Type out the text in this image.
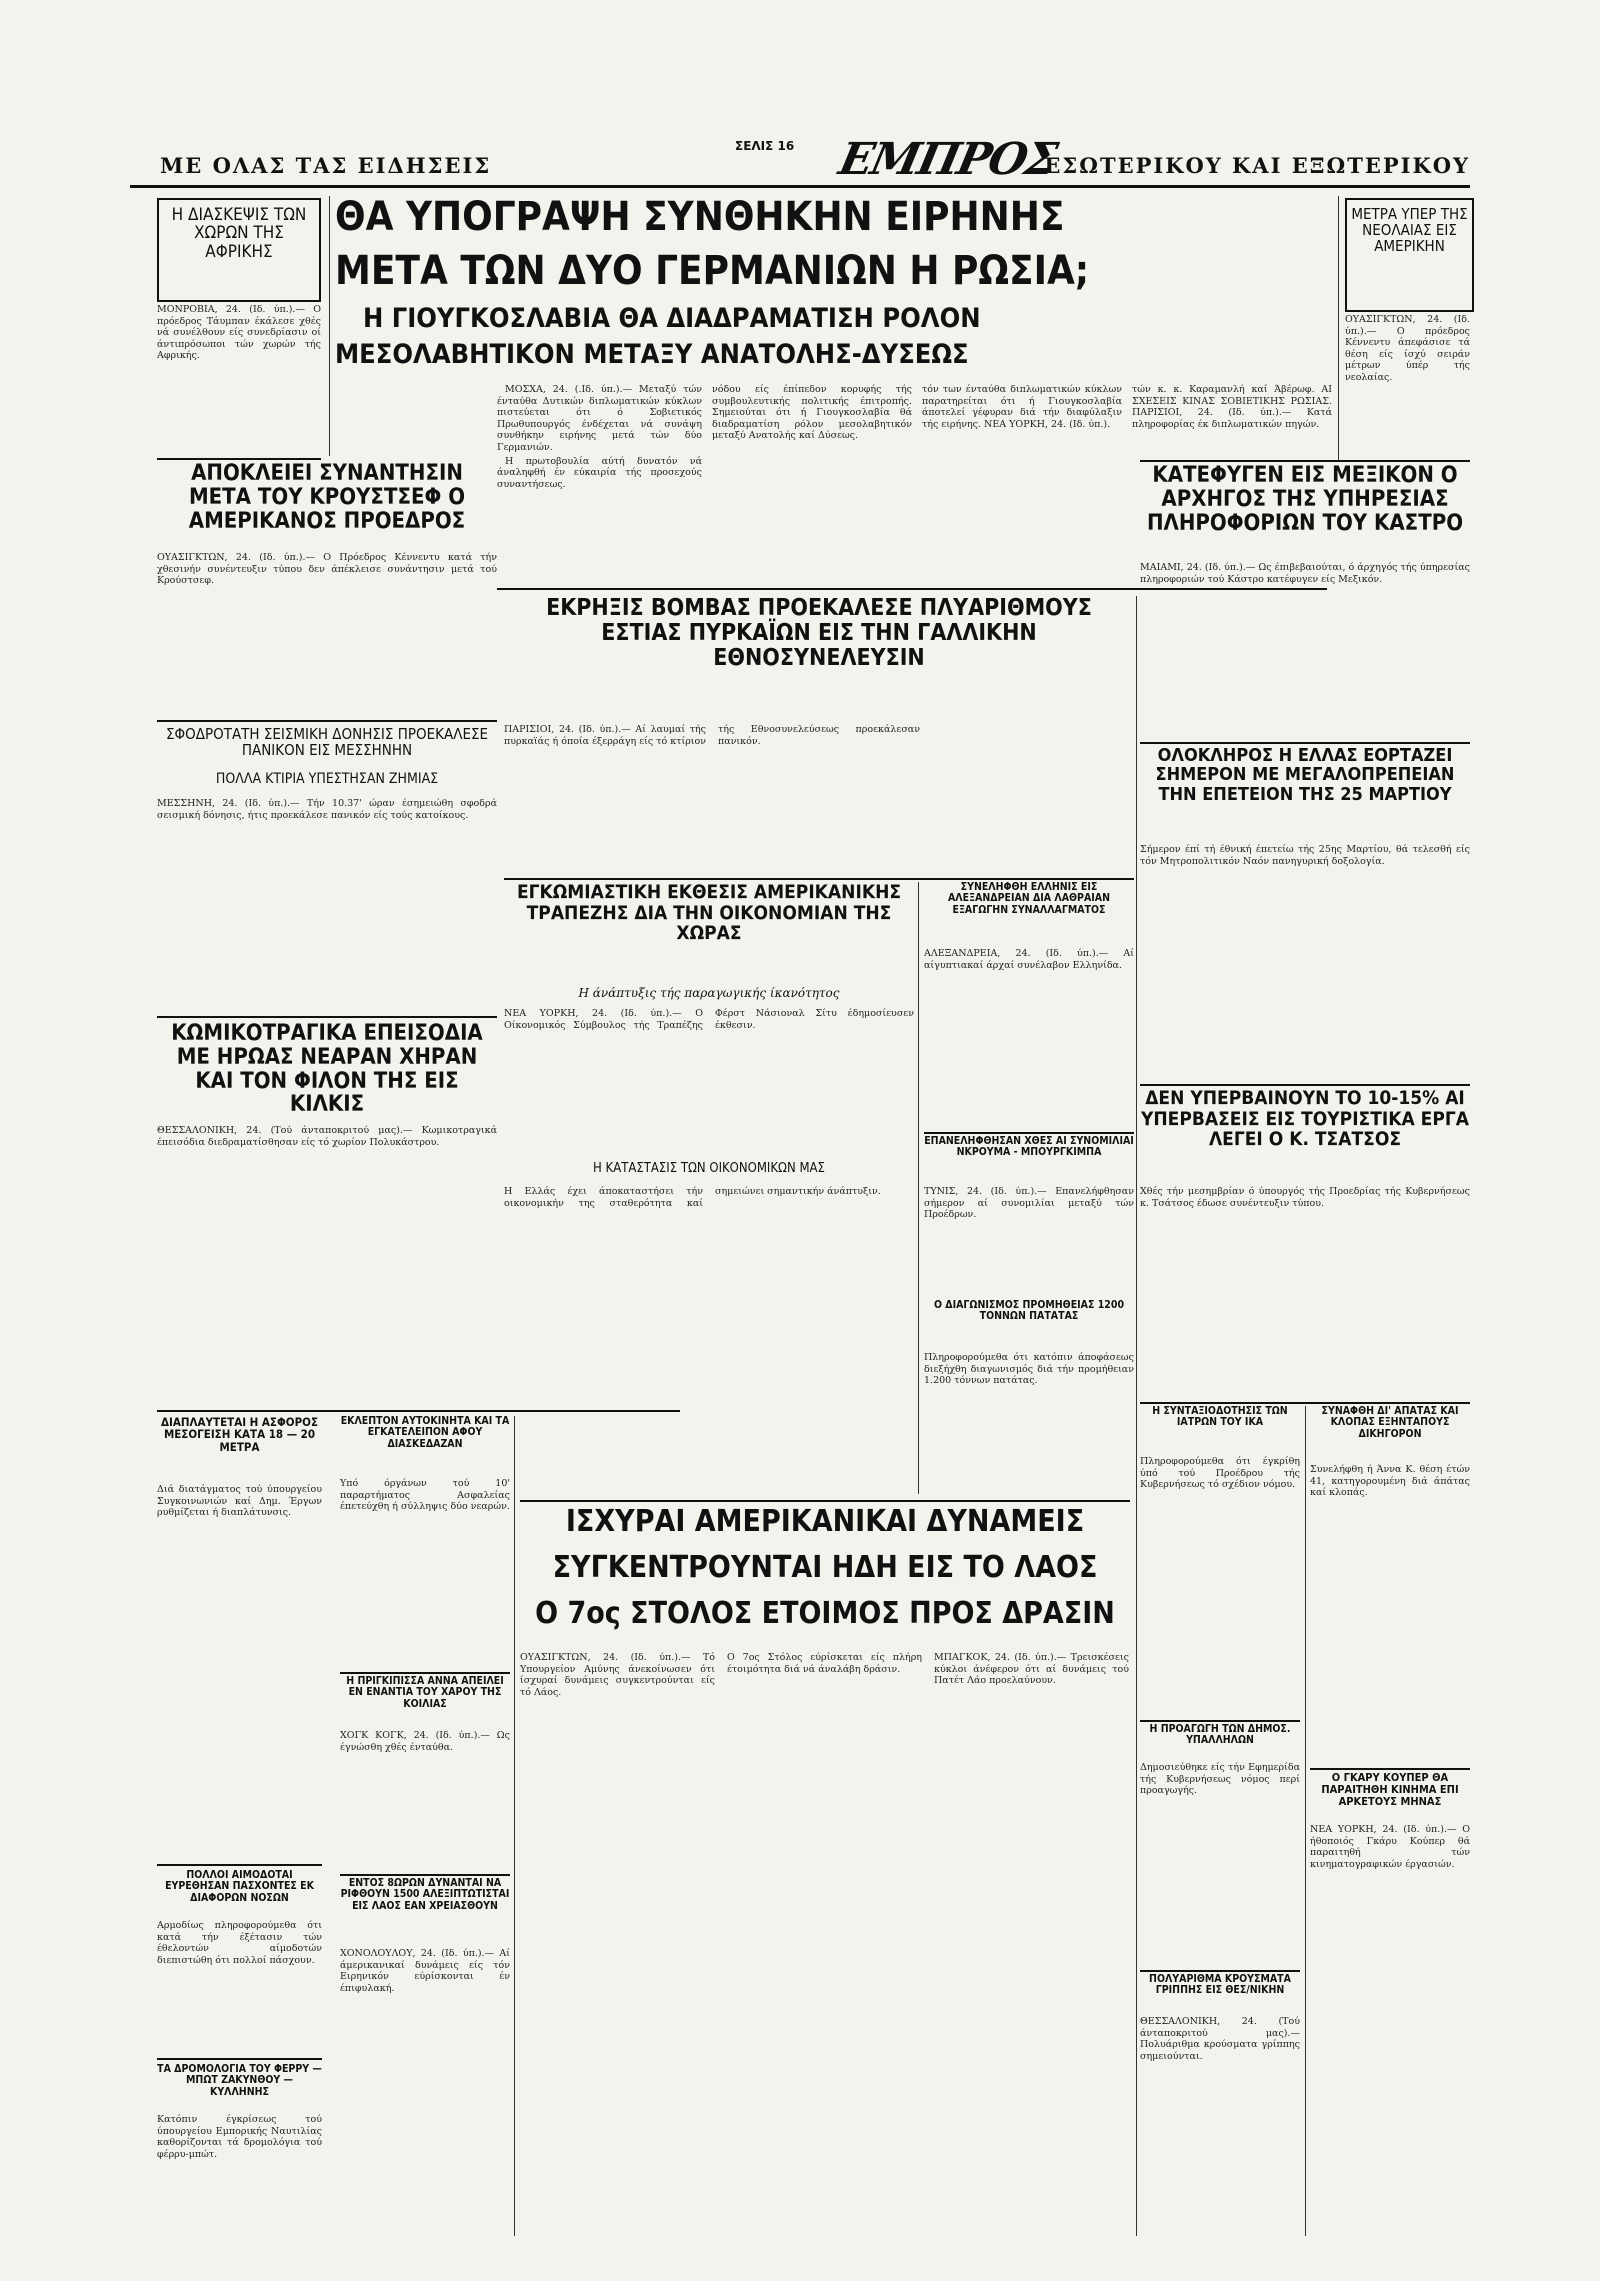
ΜΕ ΟΛΑΣ ΤΑΣ ΕΙΔΗΣΕΙΣ
ΣΕΛΙΣ 16 ΕΜΠΡΟΣ
ΕΣΩΤΕΡΙΚΟΥ ΚΑΙ ΕΞΩΤΕΡΙΚΟΥ
Η ΔΙΑΣΚΕΨΙΣ ΤΩΝ ΧΩΡΩΝ ΤΗΣ ΑΦΡΙΚΗΣ
ΜΟΝΡΟΒΙΑ, 24. (Ιδ. ύπ.).— Ο πρόεδρος Τάυμπαν έκάλεσε χθές νά συνέλθουν είς συνεδρίασιν οί άντιπρόσωποι τών χωρών τής Αφρικής.
ΑΠΟΚΛΕΙΕΙ ΣΥΝΑΝΤΗΣΙΝ ΜΕΤΑ ΤΟΥ ΚΡΟΥΣΤΣΕΦ Ο ΑΜΕΡΙΚΑΝΟΣ ΠΡΟΕΔΡΟΣ
ΟΥΑΣΙΓΚΤΩΝ, 24. (Ιδ. ύπ.).— Ο Πρόεδρος Κέννεντυ κατά τήν χθεσινήν συνέντευξιν τύπου δεν άπέκλεισε συνάντησιν μετά τού Κρούστσεφ.
ΣΦΟΔΡΟΤΑΤΗ ΣΕΙΣΜΙΚΗ ΔΟΝΗΣΙΣ ΠΡΟΕΚΑΛΕΣΕ ΠΑΝΙΚΟΝ ΕΙΣ ΜΕΣΣΗΝΗΝ
ΠΟΛΛΑ ΚΤΙΡΙΑ ΥΠΕΣΤΗΣΑΝ ΖΗΜΙΑΣ
ΜΕΣΣΗΝΗ, 24. (Ιδ. ύπ.).— Τήν 10.37' ώραν έσημειώθη σφοδρά σεισμική δόνησις, ήτις προεκάλεσε πανικόν είς τούς κατοίκους.
ΚΩΜΙΚΟΤΡΑΓΙΚΑ ΕΠΕΙΣΟΔΙΑ ΜΕ ΗΡΩΑΣ ΝΕΑΡΑΝ ΧΗΡΑΝ ΚΑΙ ΤΟΝ ΦΙΛΟΝ ΤΗΣ ΕΙΣ ΚΙΛΚΙΣ
ΘΕΣΣΑΛΟΝΙΚΗ, 24. (Τού άνταποκριτού μας).— Κωμικοτραγικά έπεισόδια διεδραματίσθησαν είς τό χωρίον Πολυκάστρου.
ΔΙΑΠΛΑΥΤΕΤΑΙ Η ΑΣΦΟΡΟΣ ΜΕΣΟΓΕΙΣΗ ΚΑΤΑ 18 — 20 ΜΕΤΡΑ
Διά διατάγματος τού ύπουργείου Συγκοινωνιών καί Δημ. Έργων ρυθμίζεται ή διαπλάτυνσις.
ΠΟΛΛΟΙ ΑΙΜΟΔΟΤΑΙ ΕΥΡΕΘΗΣΑΝ ΠΑΣΧΟΝΤΕΣ ΕΚ ΔΙΑΦΟΡΩΝ ΝΟΣΩΝ
Αρμοδίως πληροφορούμεθα ότι κατά τήν έξέτασιν τών έθελοντών αίμοδοτών διεπιστώθη ότι πολλοί πάσχουν.
ΤΑ ΔΡΟΜΟΛΟΓΙΑ ΤΟΥ ΦΕΡΡΥ — ΜΠΩΤ ΖΑΚΥΝΘΟΥ — ΚΥΛΛΗΝΗΣ
Κατόπιν έγκρίσεως τού ύπουργείου Εμπορικής Ναυτιλίας καθορίζονται τά δρομολόγια τού φέρρυ-μπώτ.
ΘΑ ΥΠΟΓΡΑΨΗ ΣΥΝΘΗΚΗΝ ΕΙΡΗΝΗΣ
ΜΕΤΑ ΤΩΝ ΔΥΟ ΓΕΡΜΑΝΙΩΝ Η ΡΩΣΙΑ;
Η ΓΙΟΥΓΚΟΣΛΑΒΙΑ ΘΑ ΔΙΑΔΡΑΜΑΤΙΣΗ ΡΟΛΟΝ
ΜΕΣΟΛΑΒΗΤΙΚΟΝ ΜΕΤΑΞΥ ΑΝΑΤΟΛΗΣ-ΔΥΣΕΩΣ

ΜΟΣΧΑ, 24. (.Ιδ. ύπ.).— Μεταξύ τών ένταύθα Δυτικών διπλωματικών κύκλων πιστεύεται ότι ό Σοβιετικός Πρωθυπουργός ένδέχεται νά συνάψη συνθήκην ειρήνης μετά τών δύο Γερμανιών.

Η πρωτοβουλία αύτή δυνατόν νά άναληφθή έν εύκαιρία τής προσεχούς συναντήσεως.

νόδου είς έπίπεδον κορυφής τής συμβουλευτικής πολιτικής έπιτροπής. Σημειούται ότι ή Γιουγκοσλαβία θά διαδραματίση ρόλον μεσολαβητικόν μεταξύ Ανατολής καί Δύσεως.
τόν των ένταύθα διπλωματικών κύκλων παρατηρείται ότι ή Γιουγκοσλαβία άποτελεί γέφυραν διά τήν διαφύλαξιν τής ειρήνης. ΝΕΑ ΥΟΡΚΗ, 24. (Ιδ. ύπ.).
τών κ. κ. Καραμανλή καί Άβέρωφ. ΑΙ ΣΧΕΣΕΙΣ ΚΙΝΑΣ ΣΟΒΙΕΤΙΚΗΣ ΡΩΣΙΑΣ. ΠΑΡΙΣΙΟΙ, 24. (Ιδ. ύπ.).— Κατά πληροφορίας έκ διπλωματικών πηγών.
ΜΕΤΡΑ ΥΠΕΡ ΤΗΣ ΝΕΟΛΑΙΑΣ ΕΙΣ ΑΜΕΡΙΚΗΝ
ΟΥΑΣΙΓΚΤΩΝ, 24. (Ιδ. ύπ.).— Ο πρόεδρος Κέννεντυ άπεφάσισε τά θέση είς ίσχύ σειράν μέτρων ύπέρ τής νεολαίας.
ΚΑΤΕΦΥΓΕΝ ΕΙΣ ΜΕΞΙΚΟΝ Ο ΑΡΧΗΓΟΣ ΤΗΣ ΥΠΗΡΕΣΙΑΣ ΠΛΗΡΟΦΟΡΙΩΝ ΤΟΥ ΚΑΣΤΡΟ
ΜΑΙΑΜΙ, 24. (Ιδ. ύπ.).— Ως έπιβεβαιούται, ό άρχηγός τής ύπηρεσίας πληροφοριών τού Κάστρο κατέφυγεν είς Μεξικόν.
ΟΛΟΚΛΗΡΟΣ Η ΕΛΛΑΣ ΕΟΡΤΑΖΕΙ ΣΗΜΕΡΟΝ ΜΕ ΜΕΓΑΛΟΠΡΕΠΕΙΑΝ ΤΗΝ ΕΠΕΤΕΙΟΝ ΤΗΣ 25 ΜΑΡΤΙΟΥ
Σήμερον έπί τή έθνική έπετείω τής 25ης Μαρτίου, θά τελεσθή είς τόν Μητροπολιτικόν Ναόν πανηγυρική δοξολογία.
ΔΕΝ ΥΠΕΡΒΑΙΝΟΥΝ ΤΟ 10-15% ΑΙ ΥΠΕΡΒΑΣΕΙΣ ΕΙΣ ΤΟΥΡΙΣΤΙΚΑ ΕΡΓΑ ΛΕΓΕΙ Ο Κ. ΤΣΑΤΣΟΣ
Χθές τήν μεσημβρίαν ό ύπουργός τής Προεδρίας τής Κυβερνήσεως κ. Τσάτσος έδωσε συνέντευξιν τύπου.
Η ΣΥΝΤΑΞΙΟΔΟΤΗΣΙΣ ΤΩΝ ΙΑΤΡΩΝ ΤΟΥ ΙΚΑ
Πληροφορούμεθα ότι έγκρίθη ύπό τού Προέδρου τής Κυβερνήσεως τό σχέδιον νόμου.
ΣΥΝΑΦΘΗ ΔΙ' ΑΠΑΤΑΣ ΚΑΙ ΚΛΟΠΑΣ ΕΞΗΝΤΑΠΟΥΣ ΔΙΚΗΓΟΡΟΝ
Συνελήφθη ή Άννα Κ. θέση έτών 41, κατηγορουμένη διά άπάτας καί κλοπάς.
Η ΠΡΟΑΓΩΓΗ ΤΩΝ ΔΗΜΟΣ. ΥΠΑΛΛΗΛΩΝ
Δημοσιεύθηκε είς τήν Εφημερίδα τής Κυβερνήσεως νόμος περί προαγωγής.
Ο ΓΚΑΡΥ ΚΟΥΠΕΡ ΘΑ ΠΑΡΑΙΤΗΘΗ ΚΙΝΗΜΑ ΕΠΙ ΑΡΚΕΤΟΥΣ ΜΗΝΑΣ
ΝΕΑ ΥΟΡΚΗ, 24. (Ιδ. ύπ.).— Ο ήθοποιός Γκάρυ Κούπερ θά παραιτηθή τών κινηματογραφικών έργασιών.
ΠΟΛΥΑΡΙΘΜΑ ΚΡΟΥΣΜΑΤΑ ΓΡΙΠΠΗΣ ΕΙΣ ΘΕΣ/ΝΙΚΗΝ
ΘΕΣΣΑΛΟΝΙΚΗ, 24. (Τού άνταποκριτού μας).— Πολυάριθμα κρούσματα γρίππης σημειούνται.
ΕΚΡΗΞΙΣ ΒΟΜΒΑΣ ΠΡΟΕΚΑΛΕΣΕ ΠΛΥΑΡΙΘΜΟΥΣ ΕΣΤΙΑΣ ΠΥΡΚΑΪΩΝ ΕΙΣ ΤΗΝ ΓΑΛΛΙΚΗΝ ΕΘΝΟΣΥΝΕΛΕΥΣΙΝ
ΠΑΡΙΣΙΟΙ, 24. (Ιδ. ύπ.).— Αί λαυμαί τής πυρκαϊάς ή όποία έξερράγη είς τό κτίριον τής Εθνοσυνελεύσεως προεκάλεσαν πανικόν.
ΕΓΚΩΜΙΑΣΤΙΚΗ ΕΚΘΕΣΙΣ ΑΜΕΡΙΚΑΝΙΚΗΣ ΤΡΑΠΕΖΗΣ ΔΙΑ ΤΗΝ ΟΙΚΟΝΟΜΙΑΝ ΤΗΣ ΧΩΡΑΣ
Η άνάπτυξις τής παραγωγικής ίκανότητος
ΝΕΑ ΥΟΡΚΗ, 24. (Ιδ. ύπ.).— Ο Οίκονομικός Σύμβουλος τής Τραπέζης Φέρστ Νάσιοναλ Σίτυ έδημοσίευσεν έκθεσιν.
Η ΚΑΤΑΣΤΑΣΙΣ ΤΩΝ ΟΙΚΟΝΟΜΙΚΩΝ ΜΑΣ
Η Ελλάς έχει άποκαταστήσει τήν οικονομικήν της σταθερότητα καί σημειώνει σημαντικήν άνάπτυξιν.
ΣΥΝΕΛΗΦΘΗ ΕΛΛΗΝΙΣ ΕΙΣ ΑΛΕΞΑΝΔΡΕΙΑΝ ΔΙΑ ΛΑΘΡΑΙΑΝ ΕΞΑΓΩΓΗΝ ΣΥΝΑΛΛΑΓΜΑΤΟΣ
ΑΛΕΞΑΝΔΡΕΙΑ, 24. (Ιδ. ύπ.).— Αί αίγυπτιακαί άρχαί συνέλαβον Ελληνίδα.
ΕΠΑΝΕΛΗΦΘΗΣΑΝ ΧΘΕΣ ΑΙ ΣΥΝΟΜΙΛΙΑΙ ΝΚΡΟΥΜΑ - ΜΠΟΥΡΓΚΙΜΠΑ
ΤΥΝΙΣ, 24. (Ιδ. ύπ.).— Επανελήφθησαν σήμερον αί συνομιλίαι μεταξύ τών Προέδρων.
Ο ΔΙΑΓΩΝΙΣΜΟΣ ΠΡΟΜΗΘΕΙΑΣ 1200 ΤΟΝΝΩΝ ΠΑΤΑΤΑΣ
Πληροφορούμεθα ότι κατόπιν άποφάσεως διεξήχθη διαγωνισμός διά τήν προμήθειαν 1.200 τόννων πατάτας.
ΕΚΛΕΠΤΟΝ ΑΥΤΟΚΙΝΗΤΑ ΚΑΙ ΤΑ ΕΓΚΑΤΕΛΕΙΠΟΝ ΑΦΟΥ ΔΙΑΣΚΕΔΑΖΑΝ
Υπό όργάνων τού 10' παραρτήματος Ασφαλείας έπετεύχθη ή σύλληψις δύο νεαρών.
Η ΠΡΙΓΚΙΠΙΣΣΑ ΑΝΝΑ ΑΠΕΙΛΕΙ ΕΝ ΕΝΑΝΤΙΑ ΤΟΥ ΧΑΡΟΥ ΤΗΣ ΚΟΙΛΙΑΣ
ΧΟΓΚ ΚΟΓΚ, 24. (Ιδ. ύπ.).— Ως έγνώσθη χθές ένταύθα.
ΕΝΤΟΣ 8ΩΡΩΝ ΔΥΝΑΝΤΑΙ ΝΑ ΡΙΦΘΟΥΝ 1500 ΑΛΕΞΙΠΤΩΤΙΣΤΑΙ ΕΙΣ ΛΑΟΣ ΕΑΝ ΧΡΕΙΑΣΘΟΥΝ
ΧΟΝΟΛΟΥΛΟΥ, 24. (Ιδ. ύπ.).— Αί άμερικανικαί δυνάμεις είς τόν Ειρηνικόν εύρίσκονται έν έπιφυλακή.
ΙΣΧΥΡΑΙ ΑΜΕΡΙΚΑΝΙΚΑΙ ΔΥΝΑΜΕΙΣ
ΣΥΓΚΕΝΤΡΟΥΝΤΑΙ ΗΔΗ ΕΙΣ ΤΟ ΛΑΟΣ
Ο 7ος ΣΤΟΛΟΣ ΕΤΟΙΜΟΣ ΠΡΟΣ ΔΡΑΣΙΝ
ΟΥΑΣΙΓΚΤΩΝ, 24. (Ιδ. ύπ.).— Τό Υπουργείον Αμύνης άνεκοίνωσεν ότι ίσχυραί δυνάμεις συγκεντρούνται είς τό Λάος.
Ο 7ος Στόλος εύρίσκεται είς πλήρη έτοιμότητα διά νά άναλάβη δράσιν.
ΜΠΑΓΚΟΚ, 24. (Ιδ. ύπ.).— Τρεισκέσεις κύκλοι άνέφερον ότι αί δυνάμεις τού Πατέτ Λάο προελαύνουν.
